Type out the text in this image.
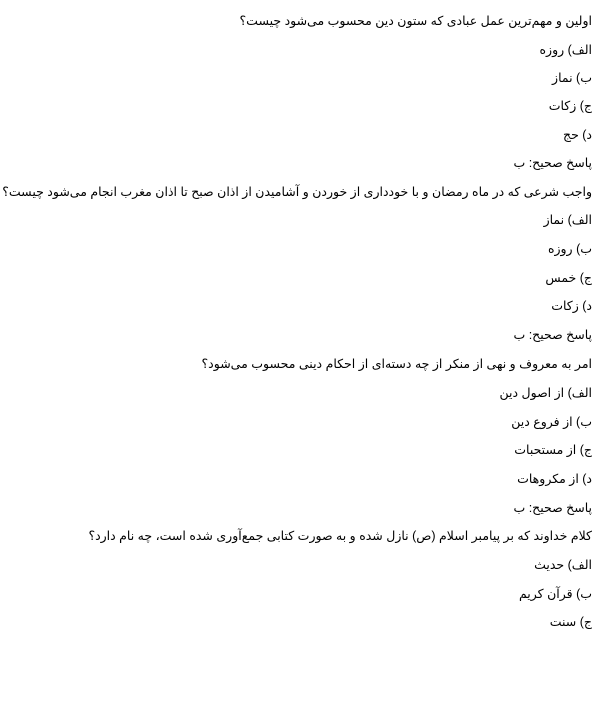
اولین و مهم‌ترین عمل عبادی که ستون دین محسوب می‌شود چیست؟
الف) روزه
ب) نماز
ج) زکات
د) حج
پاسخ صحیح: ب
واجب شرعی که در ماه رمضان و با خودداری از خوردن و آشامیدن از اذان صبح تا اذان مغرب انجام می‌شود چیست؟
الف) نماز
ب) روزه
ج) خمس
د) زکات
پاسخ صحیح: ب
امر به معروف و نهی از منکر از چه دسته‌ای از احکام دینی محسوب می‌شود؟
الف) از اصول دین
ب) از فروع دین
ج) از مستحبات
د) از مکروهات
پاسخ صحیح: ب
کلام خداوند که بر پیامبر اسلام (ص) نازل شده و به صورت کتابی جمع‌آوری شده است، چه نام دارد؟
الف) حدیث
ب) قرآن کریم
ج) سنت
